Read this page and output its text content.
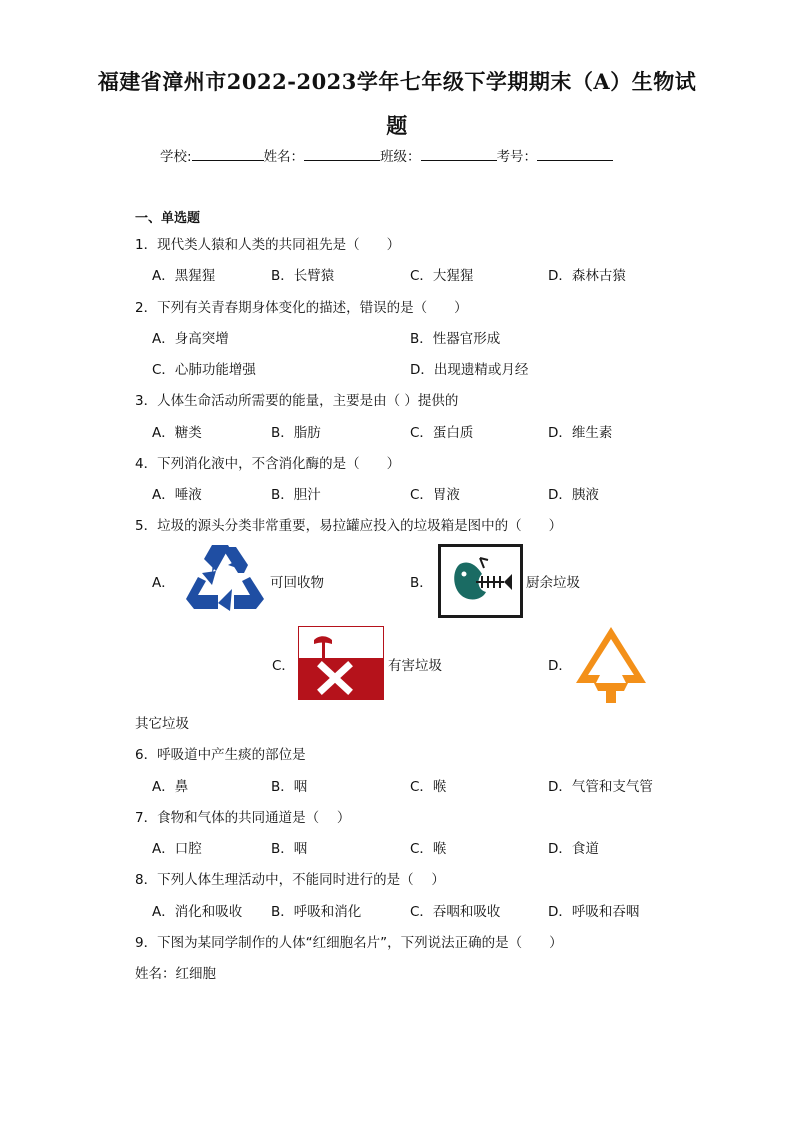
福建省漳州市2022-2023学年七年级下学期期末（A）生物试
题
学校:	姓名：	班级：	考号：
一、单选题
1．现代类人猿和人类的共同祖先是（　　）
A．黑猩猩	B．长臂猿	C．大猩猩	D．森林古猿
2．下列有关青春期身体变化的描述，错误的是（　　）
A．身高突增	B．性器官形成
C．心肺功能增强	D．出现遗精或月经
3．人体生命活动所需要的能量，主要是由（ ）提供的
A．糖类	B．脂肪	C．蛋白质	D．维生素
4．下列消化液中，不含消化酶的是（　　）
A．唾液	B．胆汁	C．胃液	D．胰液
5．垃圾的源头分类非常重要，易拉罐应投入的垃圾箱是图中的（　　）
A．	可回收物	B．	厨余垃圾
C．	有害垃圾	D．
其它垃圾
6．呼吸道中产生痰的部位是
A．鼻	B．咽	C．喉	D．气管和支气管
7．食物和气体的共同通道是（　 ）
A．口腔	B．咽	C．喉	D．食道
8．下列人体生理活动中，不能同时进行的是（　 ）
A．消化和吸收 B．呼吸和消化	C．吞咽和吸收	D．呼吸和吞咽
9．下图为某同学制作的人体“红细胞名片”，下列说法正确的是（　　）
姓名：红细胞
